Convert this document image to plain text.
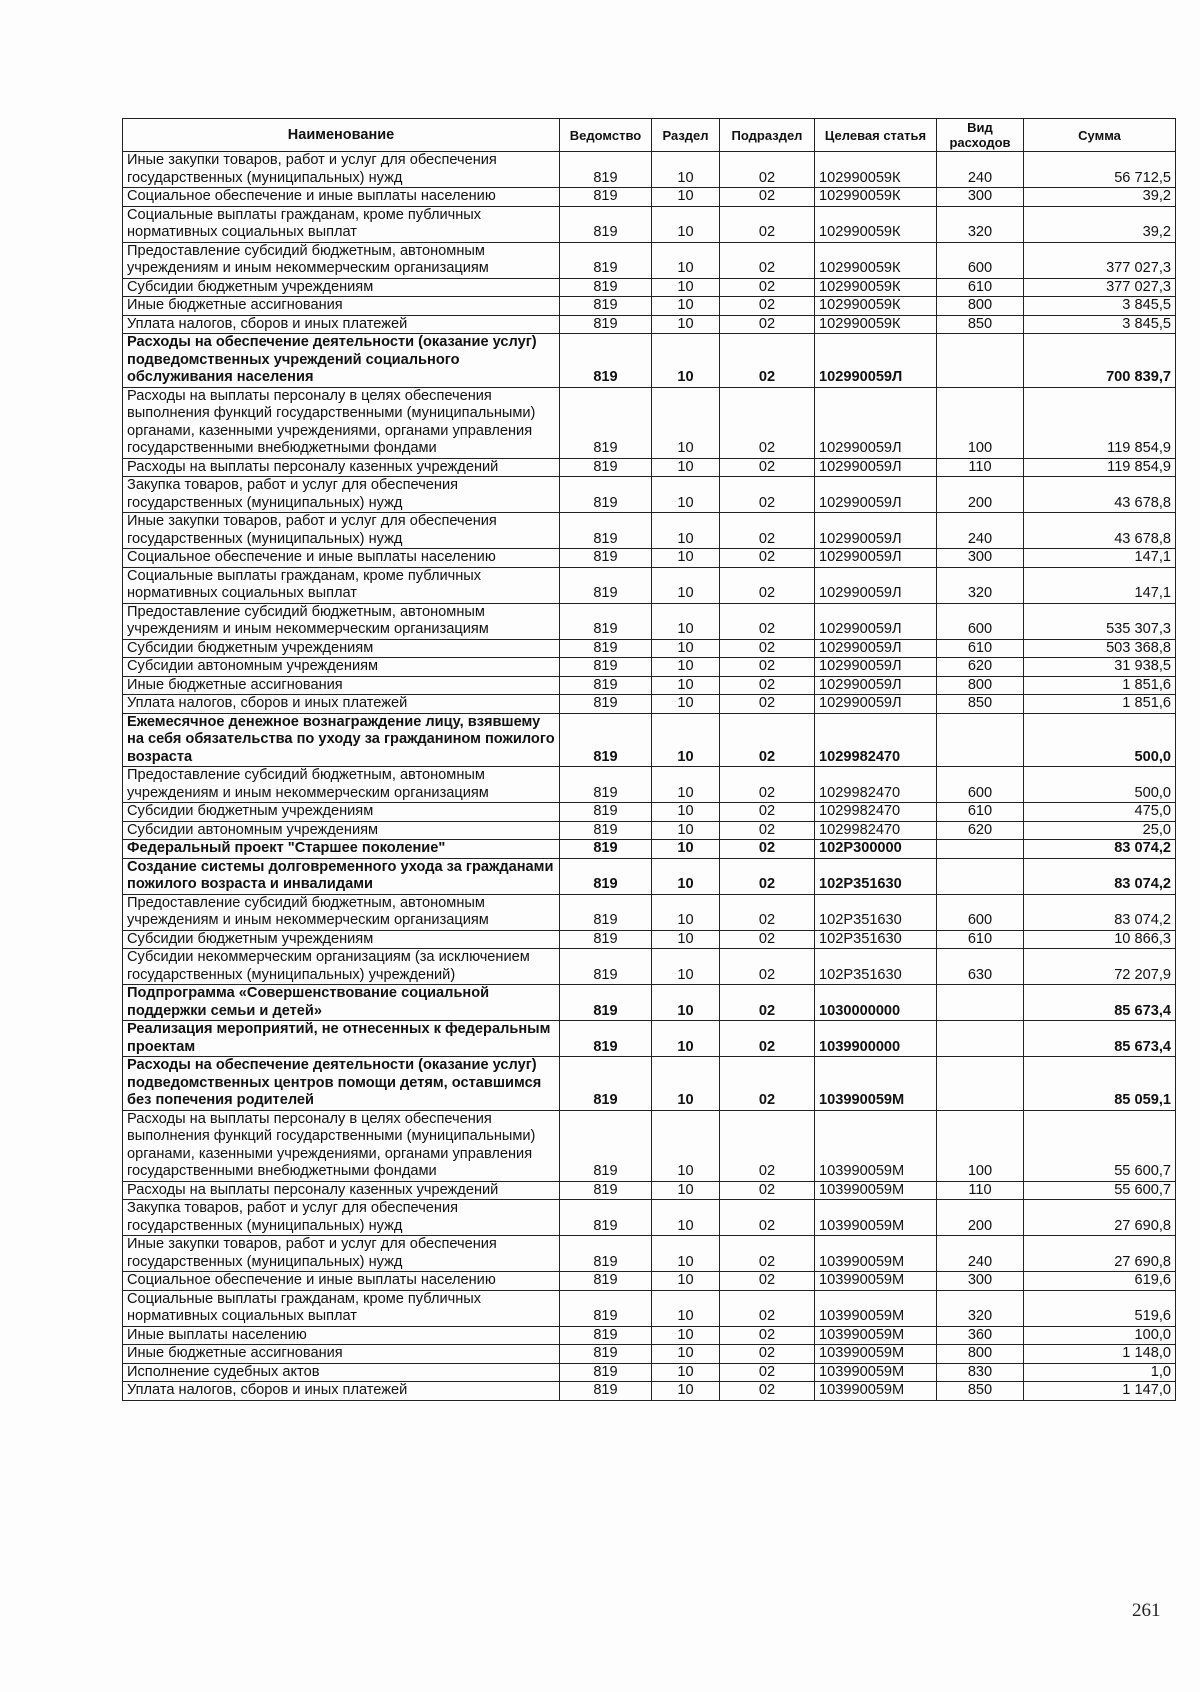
Наименование	Ведомство	Раздел	Подраздел	Целевая статья	Вид расходов	Сумма
Иные закупки товаров, работ и услуг для обеспечения государственных (муниципальных) нужд	819	10	02	102990059К	240	56 712,5
Социальное обеспечение и иные выплаты населению	819	10	02	102990059К	300	39,2
Социальные выплаты гражданам, кроме публичных нормативных социальных выплат	819	10	02	102990059К	320	39,2
Предоставление субсидий бюджетным, автономным учреждениям и иным некоммерческим организациям	819	10	02	102990059К	600	377 027,3
Субсидии бюджетным учреждениям	819	10	02	102990059К	610	377 027,3
Иные бюджетные ассигнования	819	10	02	102990059К	800	3 845,5
Уплата налогов, сборов и иных платежей	819	10	02	102990059К	850	3 845,5
Расходы на обеспечение деятельности (оказание услуг) подведомственных учреждений социального обслуживания населения	819	10	02	102990059Л		700 839,7
Расходы на выплаты персоналу в целях обеспечения выполнения функций государственными (муниципальными) органами, казенными учреждениями, органами управления государственными внебюджетными фондами	819	10	02	102990059Л	100	119 854,9
Расходы на выплаты персоналу казенных учреждений	819	10	02	102990059Л	110	119 854,9
Закупка товаров, работ и услуг для обеспечения государственных (муниципальных) нужд	819	10	02	102990059Л	200	43 678,8
Иные закупки товаров, работ и услуг для обеспечения государственных (муниципальных) нужд	819	10	02	102990059Л	240	43 678,8
Социальное обеспечение и иные выплаты населению	819	10	02	102990059Л	300	147,1
Социальные выплаты гражданам, кроме публичных нормативных социальных выплат	819	10	02	102990059Л	320	147,1
Предоставление субсидий бюджетным, автономным учреждениям и иным некоммерческим организациям	819	10	02	102990059Л	600	535 307,3
Субсидии бюджетным учреждениям	819	10	02	102990059Л	610	503 368,8
Субсидии автономным учреждениям	819	10	02	102990059Л	620	31 938,5
Иные бюджетные ассигнования	819	10	02	102990059Л	800	1 851,6
Уплата налогов, сборов и иных платежей	819	10	02	102990059Л	850	1 851,6
Ежемесячное денежное вознаграждение лицу, взявшему на себя обязательства по уходу за гражданином пожилого возраста	819	10	02	1029982470		500,0
Предоставление субсидий бюджетным, автономным учреждениям и иным некоммерческим организациям	819	10	02	1029982470	600	500,0
Субсидии бюджетным учреждениям	819	10	02	1029982470	610	475,0
Субсидии автономным учреждениям	819	10	02	1029982470	620	25,0
Федеральный проект "Старшее поколение"	819	10	02	102P300000		83 074,2
Создание системы долговременного ухода за гражданами пожилого возраста и инвалидами	819	10	02	102P351630		83 074,2
Предоставление субсидий бюджетным, автономным учреждениям и иным некоммерческим организациям	819	10	02	102P351630	600	83 074,2
Субсидии бюджетным учреждениям	819	10	02	102P351630	610	10 866,3
Субсидии некоммерческим организациям (за исключением государственных (муниципальных) учреждений)	819	10	02	102P351630	630	72 207,9
Подпрограмма «Совершенствование социальной поддержки семьи и детей»	819	10	02	1030000000		85 673,4
Реализация мероприятий, не отнесенных к федеральным проектам	819	10	02	1039900000		85 673,4
Расходы на обеспечение деятельности (оказание услуг) подведомственных центров помощи детям, оставшимся без попечения родителей	819	10	02	103990059М		85 059,1
Расходы на выплаты персоналу в целях обеспечения выполнения функций государственными (муниципальными) органами, казенными учреждениями, органами управления государственными внебюджетными фондами	819	10	02	103990059М	100	55 600,7
Расходы на выплаты персоналу казенных учреждений	819	10	02	103990059М	110	55 600,7
Закупка товаров, работ и услуг для обеспечения государственных (муниципальных) нужд	819	10	02	103990059М	200	27 690,8
Иные закупки товаров, работ и услуг для обеспечения государственных (муниципальных) нужд	819	10	02	103990059М	240	27 690,8
Социальное обеспечение и иные выплаты населению	819	10	02	103990059М	300	619,6
Социальные выплаты гражданам, кроме публичных нормативных социальных выплат	819	10	02	103990059М	320	519,6
Иные выплаты населению	819	10	02	103990059М	360	100,0
Иные бюджетные ассигнования	819	10	02	103990059М	800	1 148,0
Исполнение судебных актов	819	10	02	103990059М	830	1,0
Уплата налогов, сборов и иных платежей	819	10	02	103990059М	850	1 147,0
261
